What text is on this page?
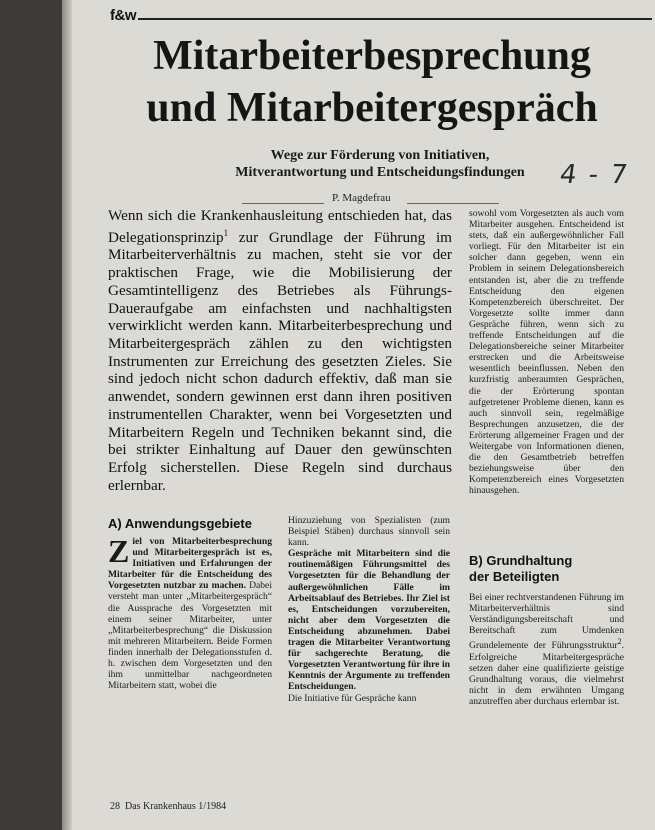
f&w
Mitarbeiterbesprechung
und Mitarbeitergespräch
Wege zur Förderung von Initiativen,
Mitverantwortung und Entscheidungsfindungen	4 - 7
P. Magdefrau
Wenn sich die Krankenhausleitung entschieden hat, das Delegationsprinzip$^1$ zur Grundlage der Führung im Mitarbeiterverhältnis zu machen, steht sie vor der praktischen Frage, wie die Mobilisierung der Gesamtintelligenz des Betriebes als Führungs-Daueraufgabe am einfachsten und nachhaltigsten verwirklicht werden kann. Mitarbeiterbesprechung und Mitarbeitergespräch zählen zu den wichtigsten Instrumenten zur Erreichung des gesetzten Zieles. Sie sind jedoch nicht schon dadurch effektiv, daß man sie anwendet, sondern gewinnen erst dann ihren positiven instrumentellen Charakter, wenn bei Vorgesetzten und Mitarbeitern Regeln und Techniken bekannt sind, die bei strikter Einhaltung auf Dauer den gewünschten Erfolg sicherstellen. Diese Regeln sind durchaus erlernbar.
A) Anwendungsgebiete

Ziel von Mitarbeiterbesprechung und Mitarbeitergespräch ist es, Initiativen und Erfahrungen der Mitarbeiter für die Entscheidung des Vorgesetzten nutzbar zu machen. Dabei versteht man unter „Mitarbeitergespräch“ die Aussprache des Vorgesetzten mit einem seiner Mitarbeiter, unter „Mitarbeiterbesprechung“ die Diskussion mit mehreren Mitarbeitern. Beide Formen finden innerhalb der Delegationsstufen d. h. zwischen dem Vorgesetzten und den ihm unmittelbar nachgeordneten Mitarbeitern statt, wobei die

Hinzuziehung von Spezialisten (zum Beispiel Stäben) durchaus sinnvoll sein kann.

Gespräche mit Mitarbeitern sind die routinemäßigen Führungsmittel des Vorgesetzten für die Behandlung der außergewöhnlichen Fälle im Arbeitsablauf des Betriebes. Ihr Ziel ist es, Entscheidungen vorzubereiten, nicht aber dem Vorgesetzten die Entscheidung abzunehmen. Dabei tragen die Mitarbeiter Verantwortung für sachgerechte Beratung, die Vorgesetzten Verantwortung für ihre in Kenntnis der Argumente zu treffenden Entscheidungen.

Die Initiative für Gespräche kann

sowohl vom Vorgesetzten als auch vom Mitarbeiter ausgehen. Entscheidend ist stets, daß ein außergewöhnlicher Fall vorliegt. Für den Mitarbeiter ist ein solcher dann gegeben, wenn ein Problem in seinem Delegationsbereich entstanden ist, aber die zu treffende Entscheidung den eigenen Kompetenzbereich überschreitet. Der Vorgesetzte sollte immer dann Gespräche führen, wenn sich zu treffende Entscheidungen auf die Delegationsbereiche seiner Mitarbeiter erstrecken und die Arbeitsweise wesentlich beeinflussen. Neben den kurzfristig anberaumten Gesprächen, die der Erörterung spontan aufgetretener Probleme dienen, kann es auch sinnvoll sein, regelmäßige Besprechungen anzusetzen, die der Erörterung allgemeiner Fragen und der Weitergabe von Informationen dienen, die den Gesamtbetrieb betreffen beziehungsweise über den Kompetenzbereich eines Vorgesetzten hinausgehen.

B) Grundhaltung
der Beteiligten

Bei einer rechtverstandenen Führung im Mitarbeiterverhältnis sind Verständigungsbereitschaft und Bereitschaft zum Umdenken Grundelemente der Führungsstruktur$^2$. Erfolgreiche Mitarbeitergespräche setzen daher eine qualifizierte geistige Grundhaltung voraus, die vielmehrst nicht in dem erwähnten Umgang anzutreffen aber durchaus erlernbar ist.

28 Das Krankenhaus 1/1984
